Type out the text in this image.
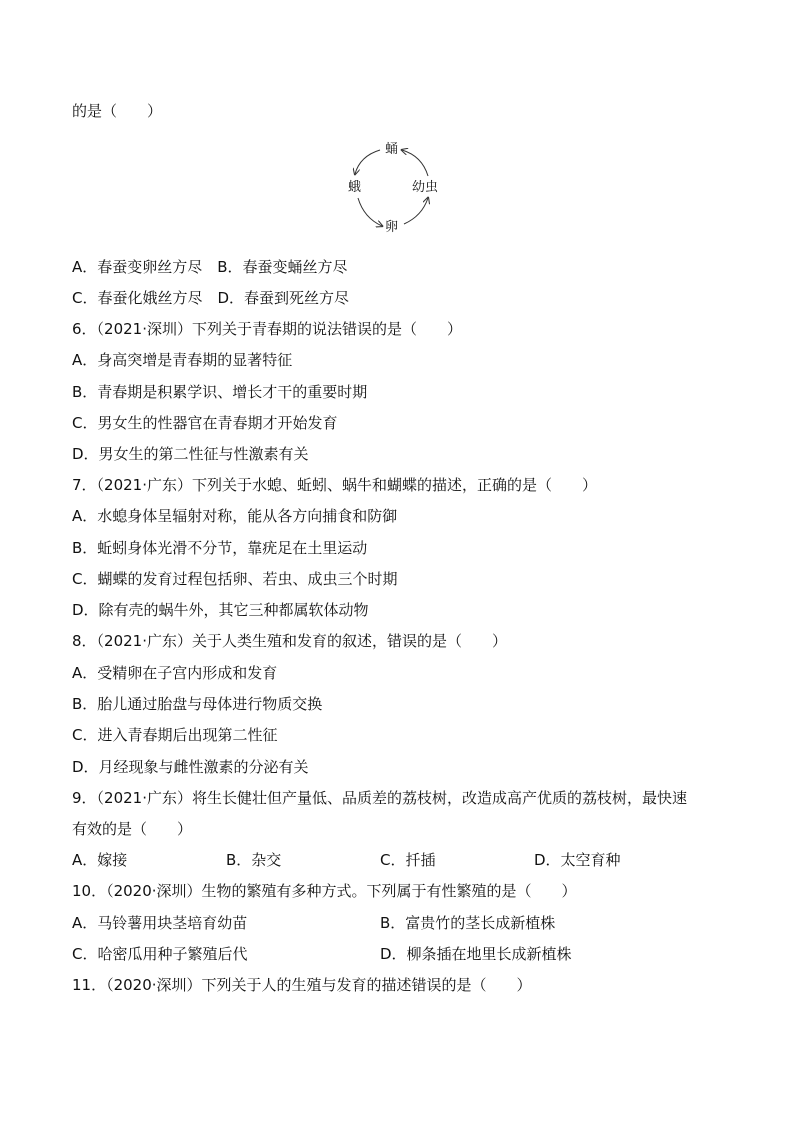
的是（　　）
蛹
幼虫
卵
蛾
A．春蚕变卵丝方尽　B．春蚕变蛹丝方尽
C．春蚕化娥丝方尽　D．春蚕到死丝方尽
6．（2021·深圳）下列关于青春期的说法错误的是（　　）
A．身高突增是青春期的显著特征
B．青春期是积累学识、增长才干的重要时期
C．男女生的性器官在青春期才开始发育
D．男女生的第二性征与性激素有关
7．（2021·广东）下列关于水螅、蚯蚓、蜗牛和蝴蝶的描述，正确的是（　　）
A．水螅身体呈辐射对称，能从各方向捕食和防御
B．蚯蚓身体光滑不分节，靠疣足在土里运动
C．蝴蝶的发育过程包括卵、若虫、成虫三个时期
D．除有壳的蜗牛外，其它三种都属软体动物
8．（2021·广东）关于人类生殖和发育的叙述，错误的是（　　）
A．受精卵在子宫内形成和发育
B．胎儿通过胎盘与母体进行物质交换
C．进入青春期后出现第二性征
D．月经现象与雌性激素的分泌有关
9．（2021·广东）将生长健壮但产量低、品质差的荔枝树，改造成高产优质的荔枝树，最快速
有效的是（　　）
A．嫁接	B．杂交	C．扦插	D．太空育种
10．（2020·深圳）生物的繁殖有多种方式。下列属于有性繁殖的是（　　）
A．马铃薯用块茎培育幼苗	B．富贵竹的茎长成新植株
C．哈密瓜用种子繁殖后代	D．柳条插在地里长成新植株
11．（2020·深圳）下列关于人的生殖与发育的描述错误的是（　　）
